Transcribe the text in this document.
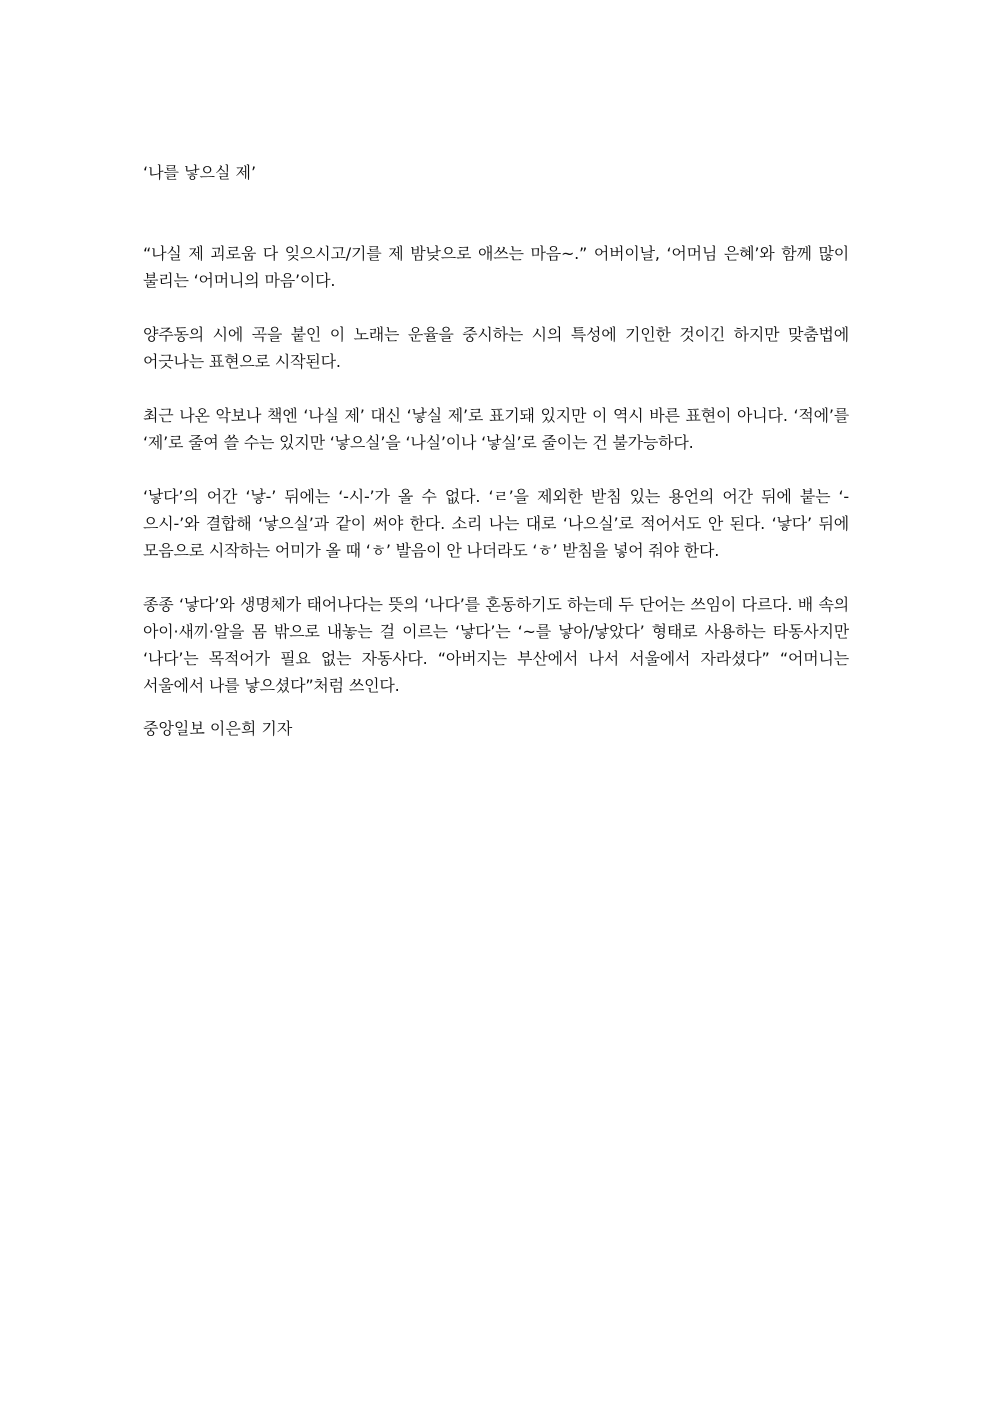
‘나를 낳으실 제’

“나실 제 괴로움 다 잊으시고/기를 제 밤낮으로 애쓰는 마음~.” 어버이날, ‘어머님 은혜’와 함께 많이 불리는 ‘어머니의 마음’이다.

양주동의 시에 곡을 붙인 이 노래는 운율을 중시하는 시의 특성에 기인한 것이긴 하지만 맞춤법에 어긋나는 표현으로 시작된다.

최근 나온 악보나 책엔 ‘나실 제’ 대신 ‘낳실 제’로 표기돼 있지만 이 역시 바른 표현이 아니다. ‘적에’를 ‘제’로 줄여 쓸 수는 있지만 ‘낳으실’을 ‘나실’이나 ‘낳실’로 줄이는 건 불가능하다.

‘낳다’의 어간 ‘낳-’ 뒤에는 ‘-시-’가 올 수 없다. ‘ㄹ’을 제외한 받침 있는 용언의 어간 뒤에 붙는 ‘-으시-’와 결합해 ‘낳으실’과 같이 써야 한다. 소리 나는 대로 ‘나으실’로 적어서도 안 된다. ‘낳다’ 뒤에 모음으로 시작하는 어미가 올 때 ‘ㅎ’ 발음이 안 나더라도 ‘ㅎ’ 받침을 넣어 줘야 한다.

종종 ‘낳다’와 생명체가 태어나다는 뜻의 ‘나다’를 혼동하기도 하는데 두 단어는 쓰임이 다르다. 배 속의 아이·새끼·알을 몸 밖으로 내놓는 걸 이르는 ‘낳다’는 ‘~를 낳아/낳았다’ 형태로 사용하는 타동사지만 ‘나다’는 목적어가 필요 없는 자동사다. “아버지는 부산에서 나서 서울에서 자라셨다” “어머니는 서울에서 나를 낳으셨다”처럼 쓰인다.

중앙일보 이은희 기자
